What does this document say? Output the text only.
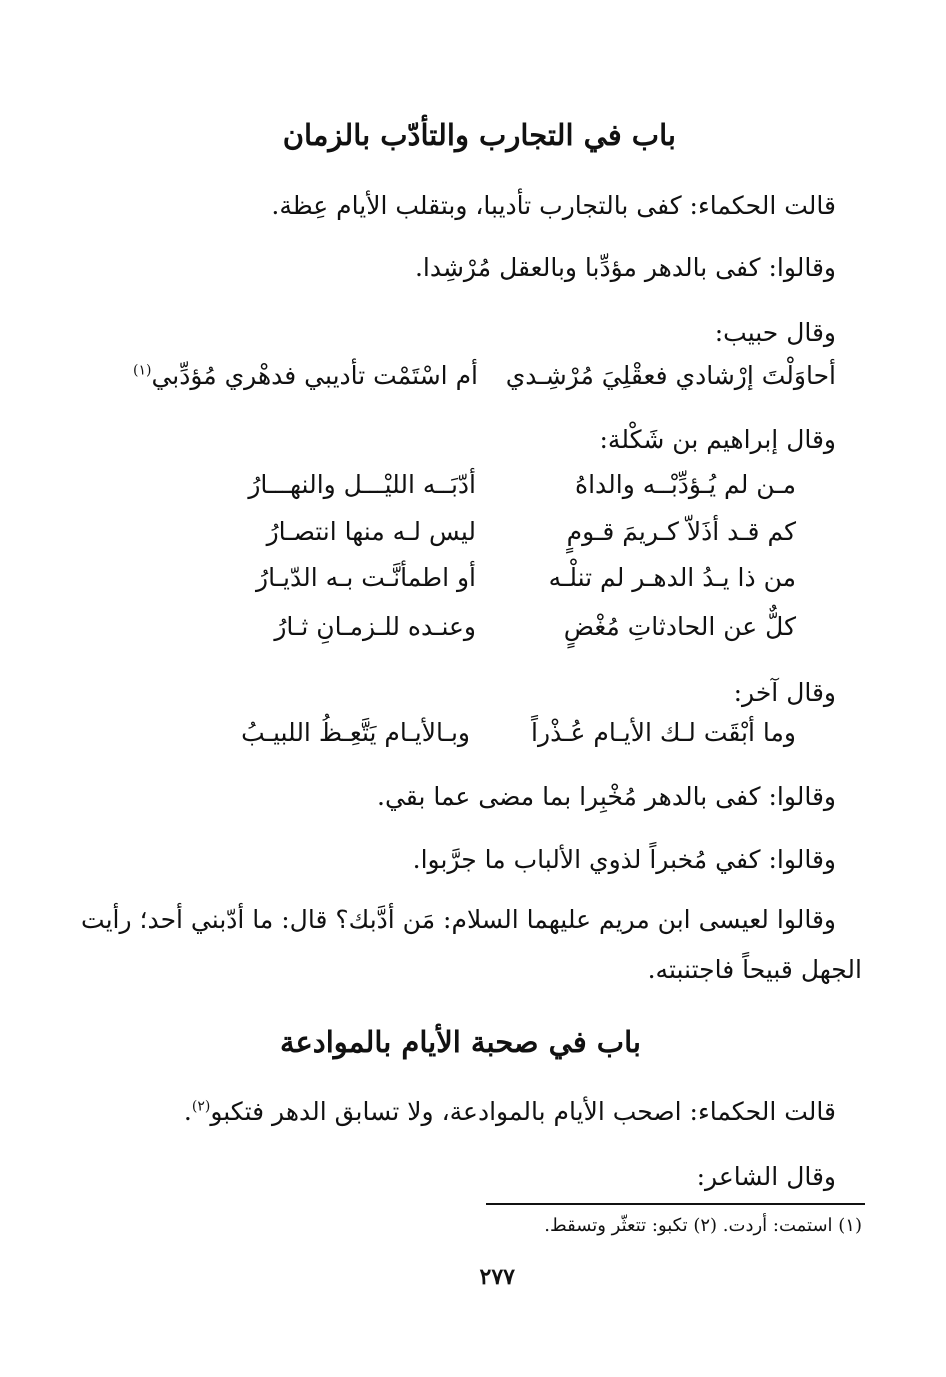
باب في التجارب والتأدّب بالزمان
قالت الحكماء: كفى بالتجارب تأديبا، وبتقلب الأيام عِظة.
وقالوا: كفى بالدهر مؤدِّبا وبالعقل مُرْشِدا.
وقال حبيب:
أحاوَلْتَ إرْشادي فعقْلِيَ مُرْشِـدي
أم اسْتَمْت تأديبي فدهْري مُؤدِّبي$^{(١)}$
وقال إبراهيم بن شَكْلة:
مـن لم يُـؤدِّبْــه والداهُ
أدّبَــه الليْـــل والنهـــارُ
كم قـد أذَلاّ كـريمَ قـومٍ
ليس لـه منها انتصـارُ
من ذا يـدُ الدهـر لم تنلْـه
أو اطمأنَّـت بـه الدّيـارُ
كلٌّ عن الحادثاتِ مُغْضٍ
وعنـده للـزمـانِ ثـارُ
وقال آخر:
وما أبْقَت لـك الأيـام عُـذْراً
وبـالأيـام يَتَّعِـظُ اللبيـبُ
وقالوا: كفى بالدهر مُخْبِرا بما مضى عما بقي.
وقالوا: كفي مُخبراً لذوي الألباب ما جرَّبوا.
وقالوا لعيسى ابن مريم عليهما السلام: مَن أدَّبك؟ قال: ما أدّبني أحد؛ رأيت
الجهل قبيحاً فاجتنبته.
باب في صحبة الأيام بالموادعة
قالت الحكماء: اصحب الأيام بالموادعة، ولا تسابق الدهر فتكبو$^{(٢)}$.
وقال الشاعر:
(١) استمت: أردت. (٢) تكبو: تتعثّر وتسقط.
٢٧٧
